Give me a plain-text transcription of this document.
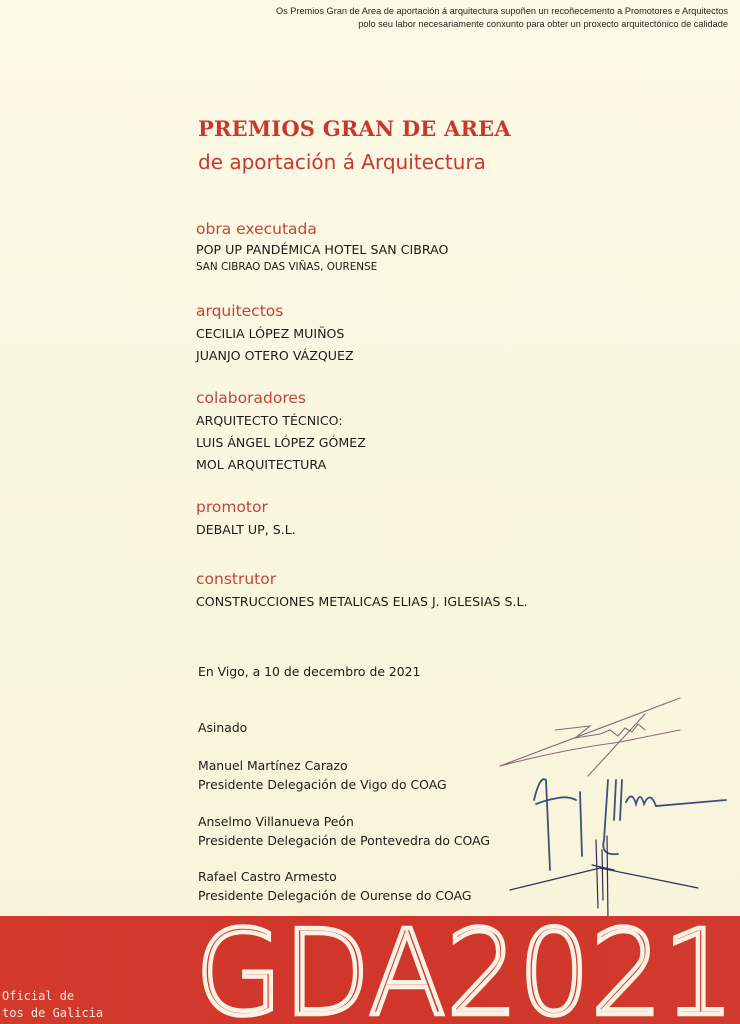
Os Premios Gran de Area de aportación á arquitectura supoñen un recoñecemento a Promotores e Arquitectos
polo seu labor necesariamente conxunto para obter un proxecto arquitectónico de calidade
PREMIOS GRAN DE AREA
de aportación á Arquitectura
obra executada
POP UP PANDÉMICA HOTEL SAN CIBRAO
SAN CIBRAO DAS VIÑAS, OURENSE
arquitectos
CECILIA LÓPEZ MUIÑOS
JUANJO OTERO VÁZQUEZ
colaboradores
ARQUITECTO TÉCNICO:
LUIS ÁNGEL LÓPEZ GÓMEZ
MOL ARQUITECTURA
promotor
DEBALT UP, S.L.
construtor
CONSTRUCCIONES METALICAS ELIAS J. IGLESIAS S.L.
En Vigo, a 10 de decembro de 2021
Asinado
Manuel Martínez Carazo
Presidente Delegación de Vigo do COAG
Anselmo Villanueva Peón
Presidente Delegación de Pontevedra do COAG
Rafael Castro Armesto
Presidente Delegación de Ourense do COAG
Oficial de
tos de Galicia GDA2021
